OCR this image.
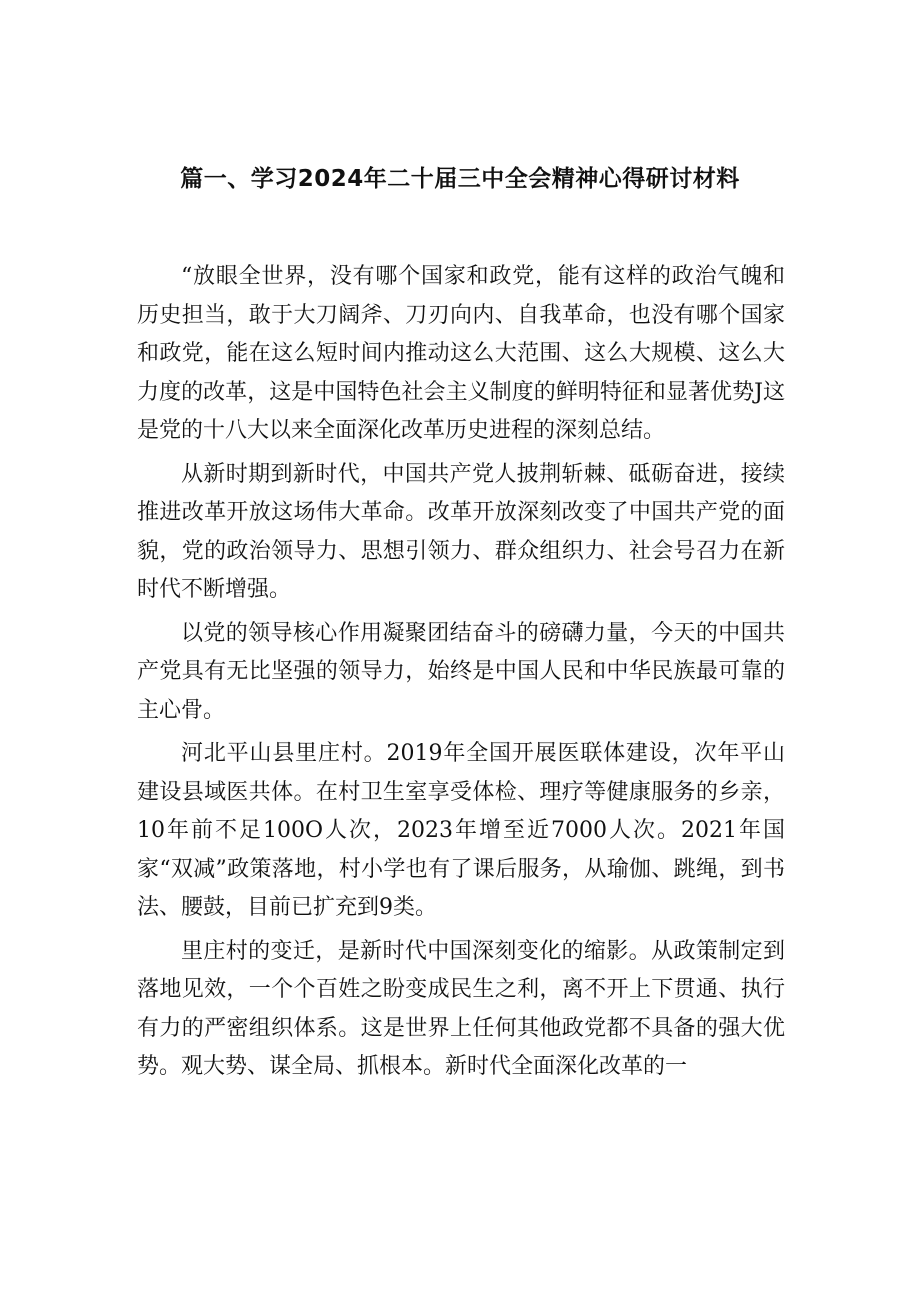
篇一、学习2024年二十届三中全会精神心得研讨材料

“放眼全世界，没有哪个国家和政党，能有这样的政治气魄和历史担当，敢于大刀阔斧、刀刃向内、自我革命，也没有哪个国家和政党，能在这么短时间内推动这么大范围、这么大规模、这么大力度的改革，这是中国特色社会主义制度的鲜明特征和显著优势J这是党的十八大以来全面深化改革历史进程的深刻总结。

从新时期到新时代，中国共产党人披荆斩棘、砥砺奋进，接续推进改革开放这场伟大革命。改革开放深刻改变了中国共产党的面貌，党的政治领导力、思想引领力、群众组织力、社会号召力在新时代不断增强。

以党的领导核心作用凝聚团结奋斗的磅礴力量，今天的中国共产党具有无比坚强的领导力，始终是中国人民和中华民族最可靠的主心骨。

河北平山县里庄村。2019年全国开展医联体建设，次年平山建设县域医共体。在村卫生室享受体检、理疗等健康服务的乡亲，10年前不足100O人次，2023年增至近7000人次。2021年国家“双减”政策落地，村小学也有了课后服务，从瑜伽、跳绳，到书法、腰鼓，目前已扩充到9类。

里庄村的变迁，是新时代中国深刻变化的缩影。从政策制定到落地见效，一个个百姓之盼变成民生之利，离不开上下贯通、执行有力的严密组织体系。这是世界上任何其他政党都不具备的强大优势。观大势、谋全局、抓根本。新时代全面深化改革的一
